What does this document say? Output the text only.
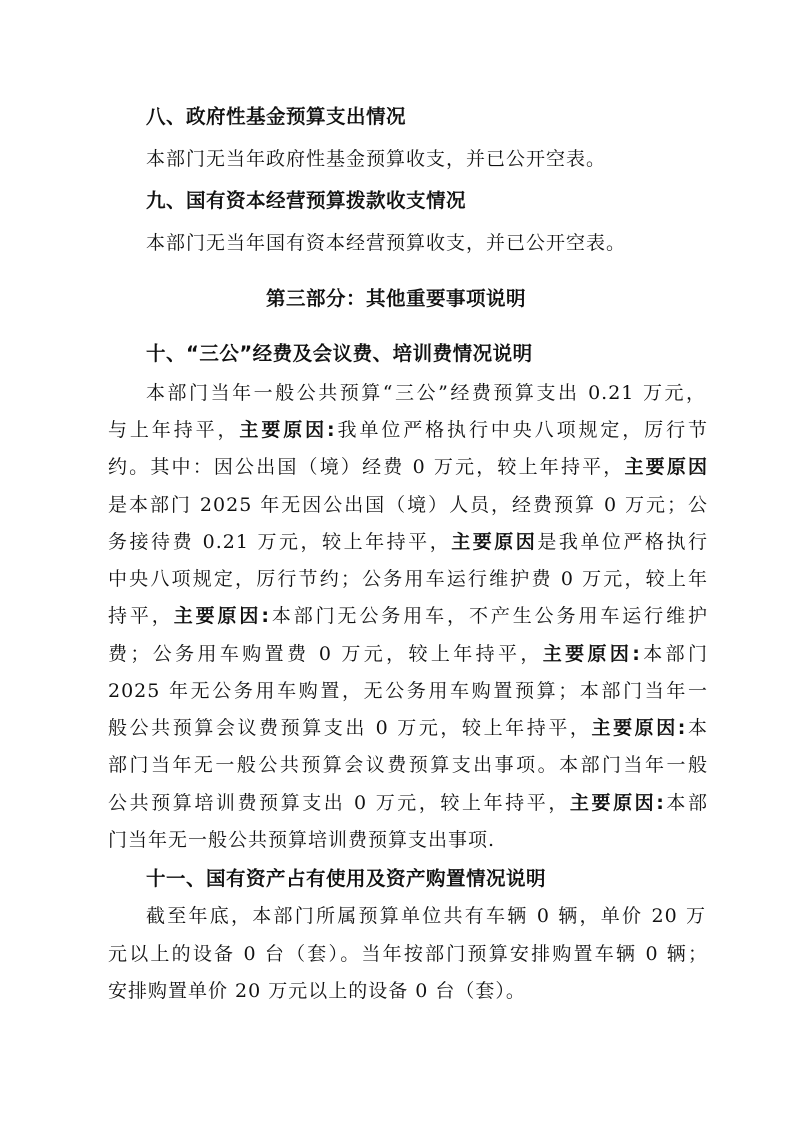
八、政府性基金预算支出情况
本部门无当年政府性基金预算收支，并已公开空表。
九、国有资本经营预算拨款收支情况
本部门无当年国有资本经营预算收支，并已公开空表。
第三部分：其他重要事项说明
十、“三公”经费及会议费、培训费情况说明
本部门当年一般公共预算“三公”经费预算支出 0.21 万元，
与上年持平，主要原因:我单位严格执行中央八项规定，厉行节
约。其中：因公出国（境）经费 0 万元，较上年持平，主要原因
是本部门 2025 年无因公出国（境）人员，经费预算 0 万元；公
务接待费 0.21 万元，较上年持平，主要原因是我单位严格执行
中央八项规定，厉行节约；公务用车运行维护费 0 万元，较上年
持平，主要原因:本部门无公务用车，不产生公务用车运行维护
费；公务用车购置费 0 万元，较上年持平，主要原因:本部门
2025 年无公务用车购置，无公务用车购置预算；本部门当年一
般公共预算会议费预算支出 0 万元，较上年持平，主要原因:本
部门当年无一般公共预算会议费预算支出事项。本部门当年一般
公共预算培训费预算支出 0 万元，较上年持平，主要原因:本部
门当年无一般公共预算培训费预算支出事项.
十一、国有资产占有使用及资产购置情况说明
截至年底，本部门所属预算单位共有车辆 0 辆，单价 20 万
元以上的设备 0 台（套）。当年按部门预算安排购置车辆 0 辆；
安排购置单价 20 万元以上的设备 0 台（套）。
